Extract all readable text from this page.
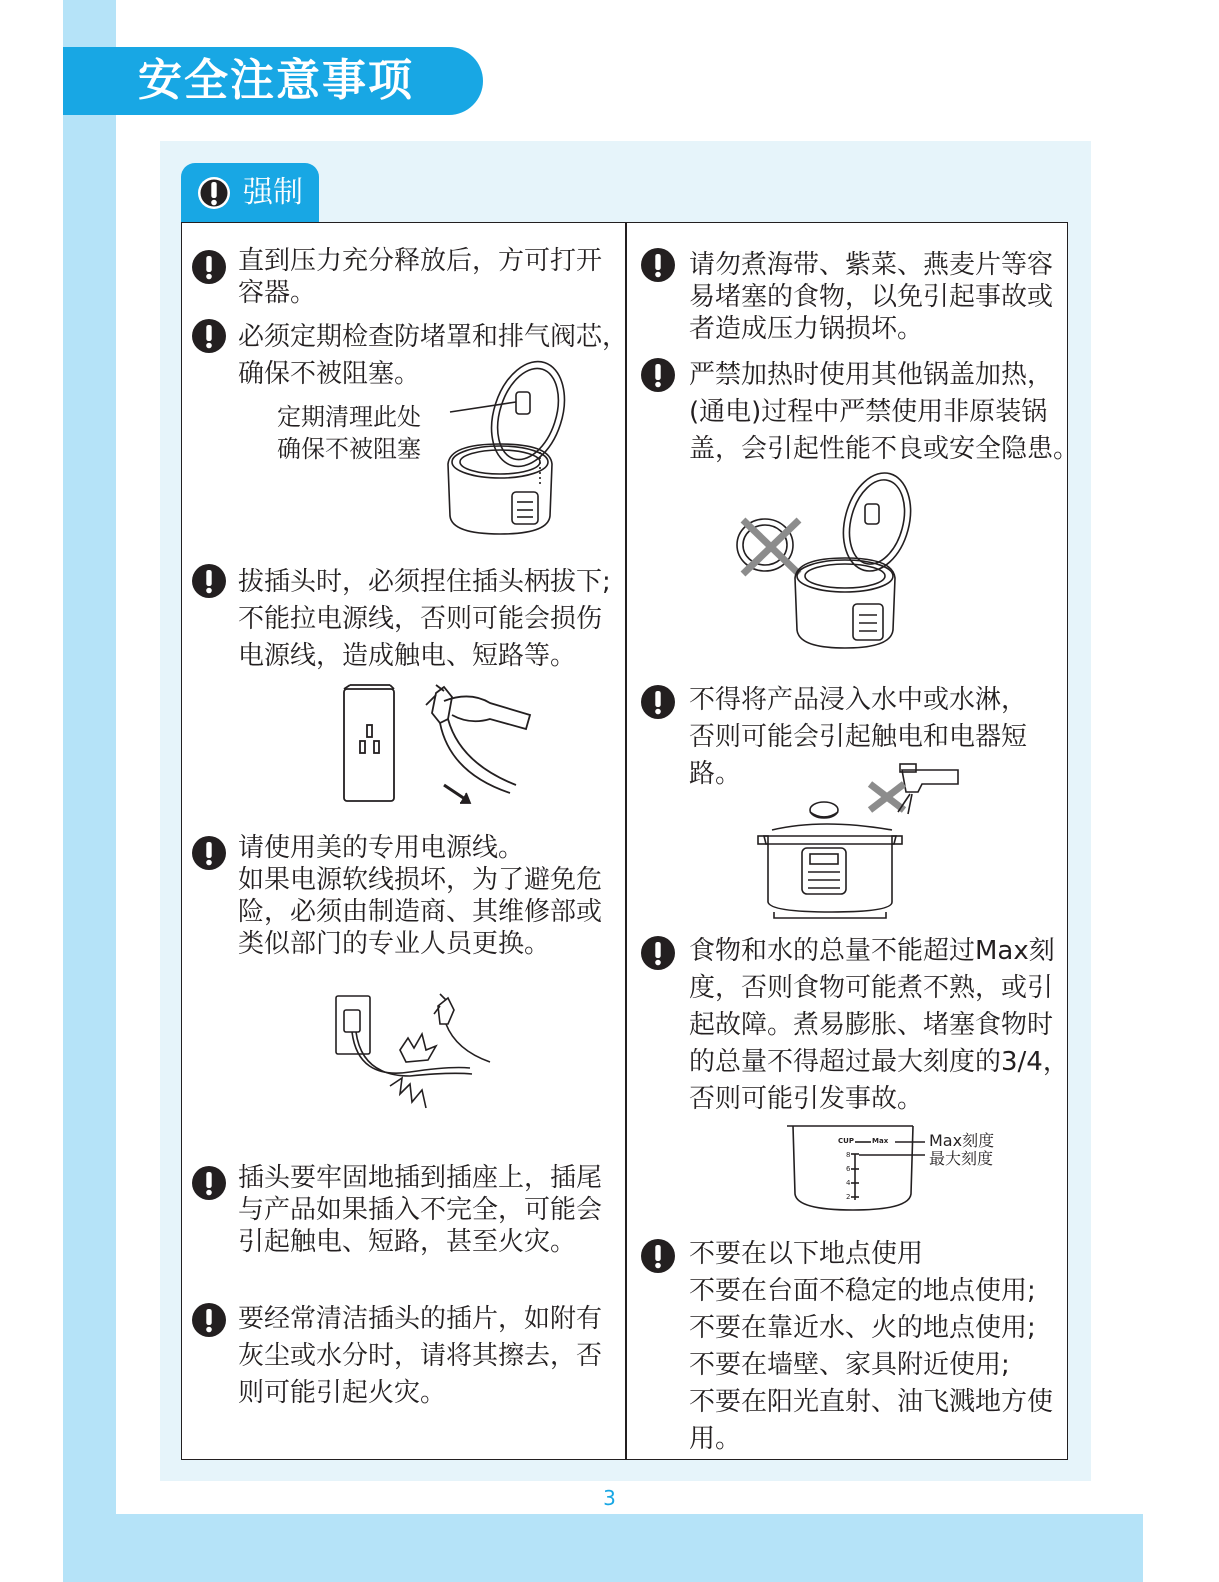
安全注意事项
强制
直到压力充分释放后，方可打开
容器。
必须定期检查防堵罩和排气阀芯，
确保不被阻塞。
定期清理此处
确保不被阻塞
拔插头时，必须捏住插头柄拔下;
不能拉电源线，否则可能会损伤
电源线，造成触电、短路等。
请使用美的专用电源线。
如果电源软线损坏，为了避免危
险，必须由制造商、其维修部或
类似部门的专业人员更换。
插头要牢固地插到插座上，插尾
与产品如果插入不完全，可能会
引起触电、短路，甚至火灾。
要经常清洁插头的插片，如附有
灰尘或水分时，请将其擦去，否
则可能引起火灾。
请勿煮海带、紫菜、燕麦片等容
易堵塞的食物，以免引起事故或
者造成压力锅损坏。
严禁加热时使用其他锅盖加热，
(通电)过程中严禁使用非原装锅
盖，会引起性能不良或安全隐患。
不得将产品浸入水中或水淋，
否则可能会引起触电和电器短
路。
食物和水的总量不能超过Max刻
度，否则食物可能煮不熟，或引
起故障。煮易膨胀、堵塞食物时
的总量不得超过最大刻度的3/4，
否则可能引发事故。
CUP	Max
8
6
4
2
Max刻度
最大刻度
不要在以下地点使用
不要在台面不稳定的地点使用;
不要在靠近水、火的地点使用;
不要在墙壁、家具附近使用;
不要在阳光直射、油飞溅地方使
用。
3
